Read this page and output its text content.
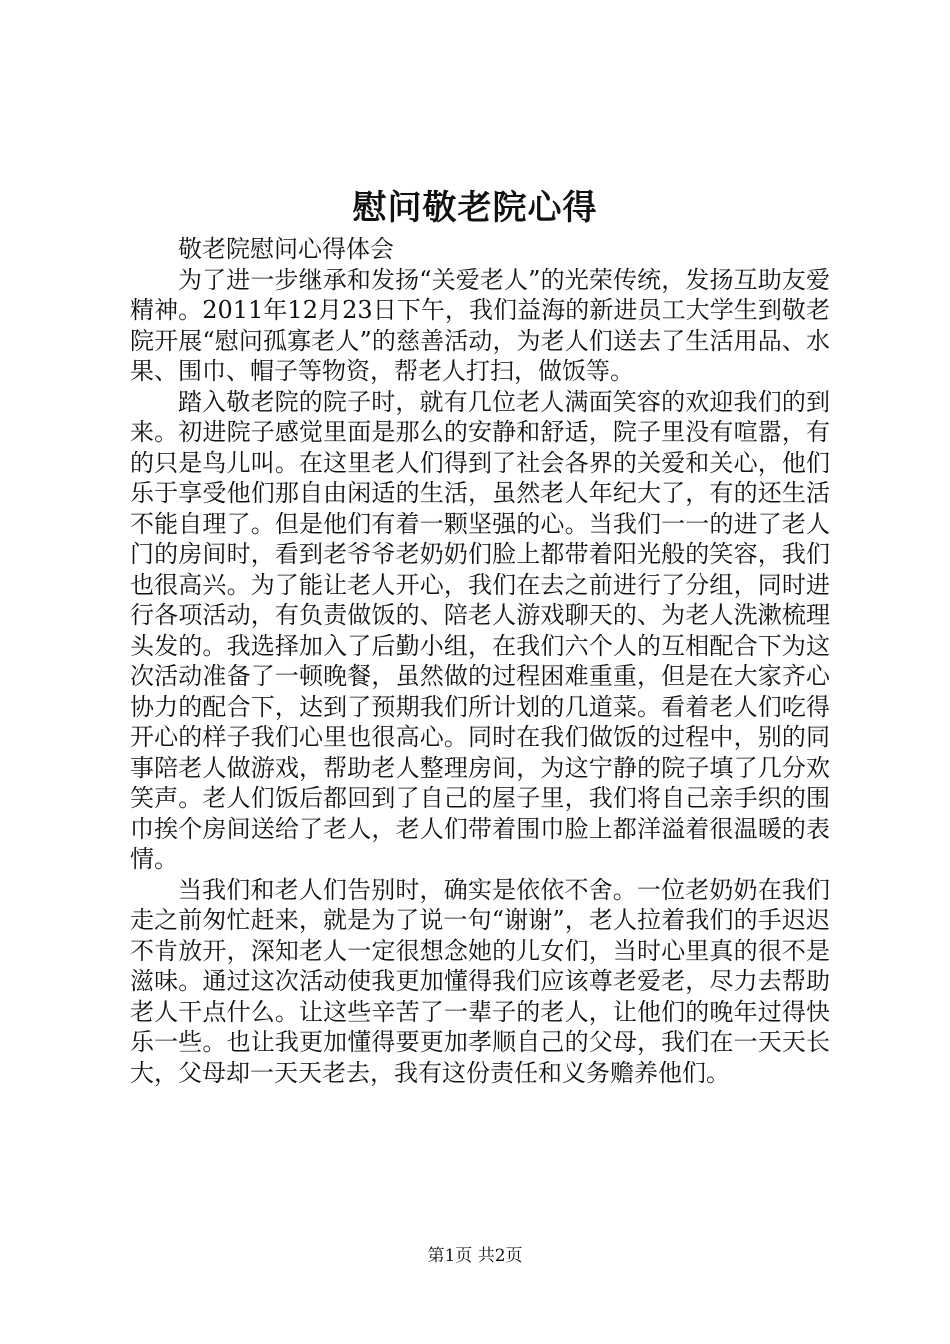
慰问敬老院心得

敬老院慰问心得体会

为了进一步继承和发扬“关爱老人”的光荣传统，发扬互助友爱精神。2011年12月23日下午，我们益海的新进员工大学生到敬老院开展“慰问孤寡老人”的慈善活动，为老人们送去了生活用品、水果、围巾、帽子等物资，帮老人打扫，做饭等。

踏入敬老院的院子时，就有几位老人满面笑容的欢迎我们的到来。初进院子感觉里面是那么的安静和舒适，院子里没有喧嚣，有的只是鸟儿叫。在这里老人们得到了社会各界的关爱和关心，他们乐于享受他们那自由闲适的生活，虽然老人年纪大了，有的还生活不能自理了。但是他们有着一颗坚强的心。当我们一一的进了老人门的房间时，看到老爷爷老奶奶们脸上都带着阳光般的笑容，我们也很高兴。为了能让老人开心，我们在去之前进行了分组，同时进行各项活动，有负责做饭的、陪老人游戏聊天的、为老人洗漱梳理头发的。我选择加入了后勤小组，在我们六个人的互相配合下为这次活动准备了一顿晚餐，虽然做的过程困难重重，但是在大家齐心协力的配合下，达到了预期我们所计划的几道菜。看着老人们吃得开心的样子我们心里也很高心。同时在我们做饭的过程中，别的同事陪老人做游戏，帮助老人整理房间，为这宁静的院子填了几分欢笑声。老人们饭后都回到了自己的屋子里，我们将自己亲手织的围巾挨个房间送给了老人，老人们带着围巾脸上都洋溢着很温暖的表情。

当我们和老人们告别时，确实是依依不舍。一位老奶奶在我们走之前匆忙赶来，就是为了说一句“谢谢”，老人拉着我们的手迟迟不肯放开，深知老人一定很想念她的儿女们，当时心里真的很不是滋味。通过这次活动使我更加懂得我们应该尊老爱老，尽力去帮助老人干点什么。让这些辛苦了一辈子的老人，让他们的晚年过得快乐一些。也让我更加懂得要更加孝顺自己的父母，我们在一天天长大，父母却一天天老去，我有这份责任和义务赡养他们。

第1页 共2页
